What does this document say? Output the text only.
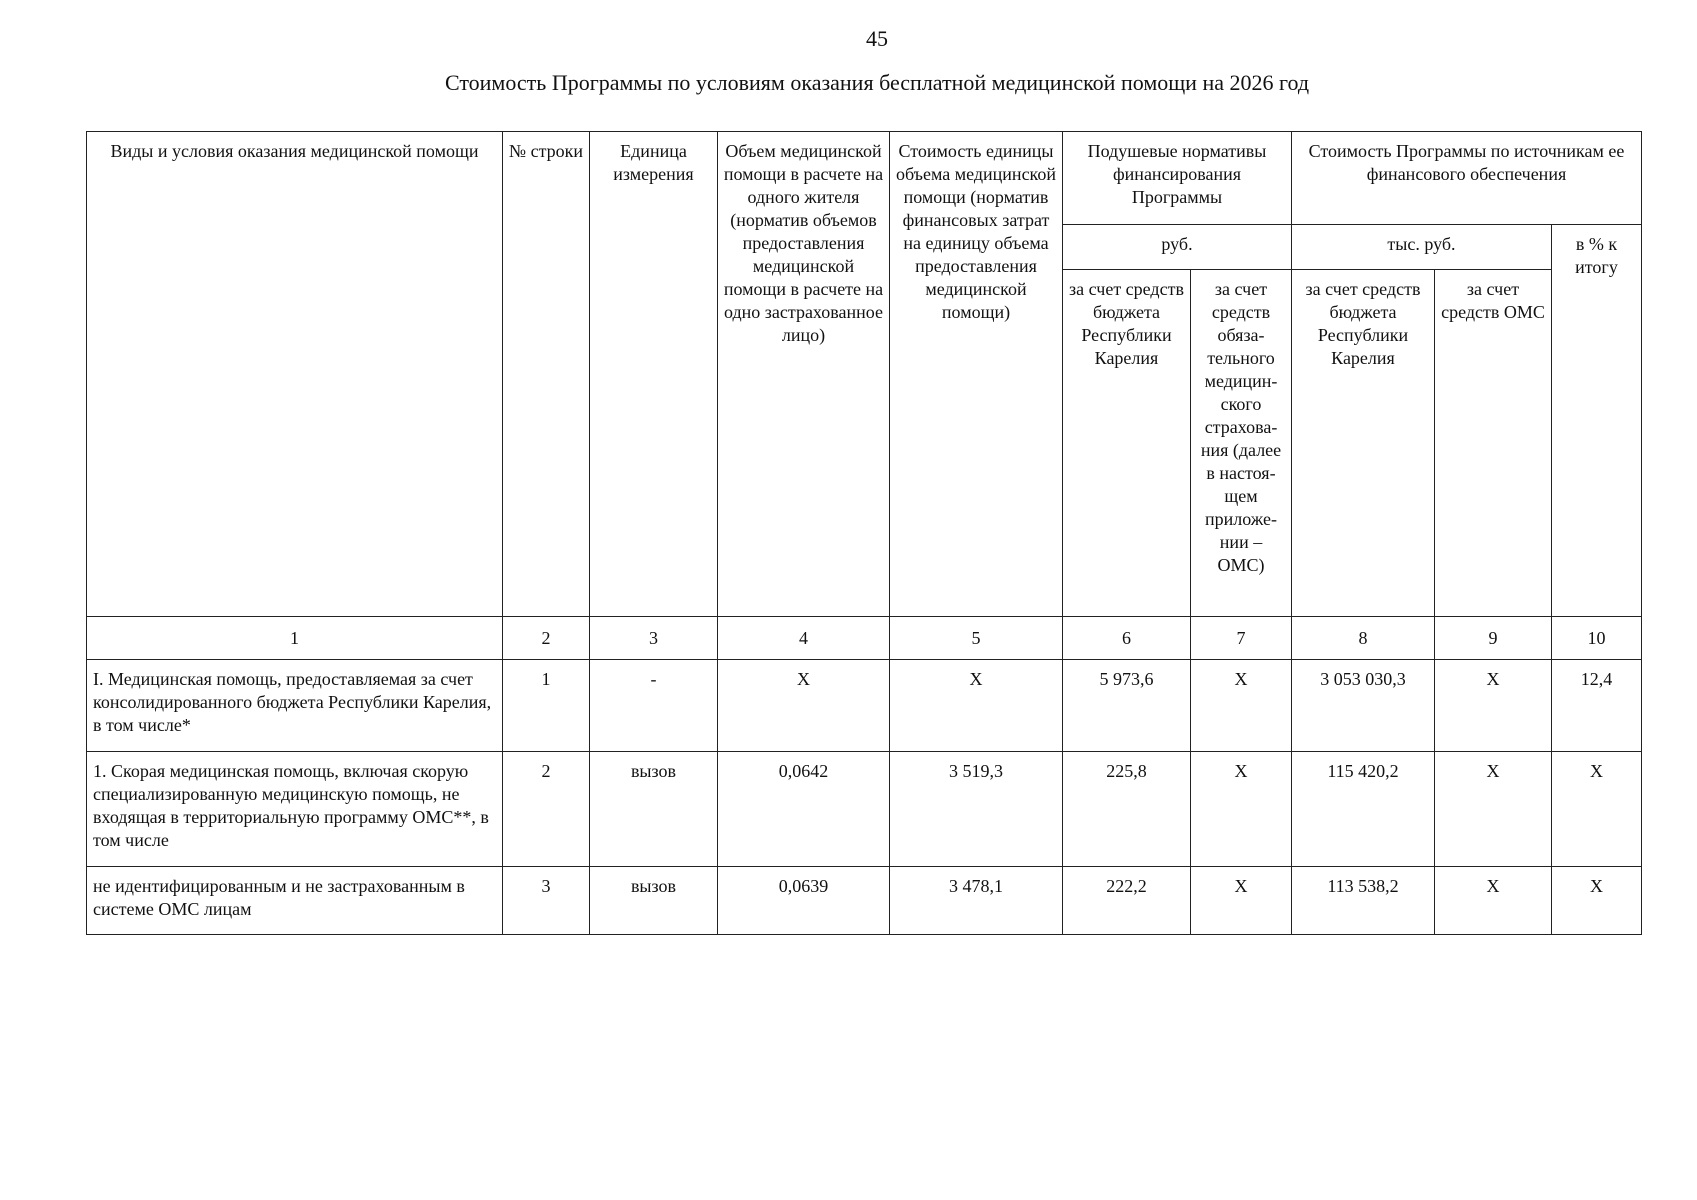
45
Стоимость Программы по условиям оказания бесплатной медицинской помощи на 2026 год
Виды и условия оказания медицинской помощи	№ строки	Единица измерения	Объем медицинской помощи в расчете на одного жителя (норматив объемов предоставления медицинской помощи в расчете на одно застрахованное лицо)	Стоимость единицы объема медицинской помощи (норматив финансовых затрат на единицу объема предоставления медицинской помощи)	Подушевые нормативы финансирования Программы		Стоимость Программы по источникам ее финансового обеспечения		
					руб.		тыс. руб.		в % к итогу
					за счет средств бюджета Республики Карелия	за счет средств обяза-тельного медицин-ского страхова-ния (далее в настоя-щем приложе-нии – ОМС)	за счет средств бюджета Республики Карелия	за счет средств ОМС	
1	2	3	4	5	6	7	8	9	10
I. Медицинская помощь, предоставляемая за счет консолидированного бюджета Республики Карелия, в том числе*	1	-	X	X	5 973,6	X	3 053 030,3	X	12,4
1. Скорая медицинская помощь, включая скорую специализированную медицинскую помощь, не входящая в территориальную программу ОМС**, в том числе	2	вызов	0,0642	3 519,3	225,8	X	115 420,2	X	X
не идентифицированным и не застрахованным в системе ОМС лицам	3	вызов	0,0639	3 478,1	222,2	X	113 538,2	X	X
